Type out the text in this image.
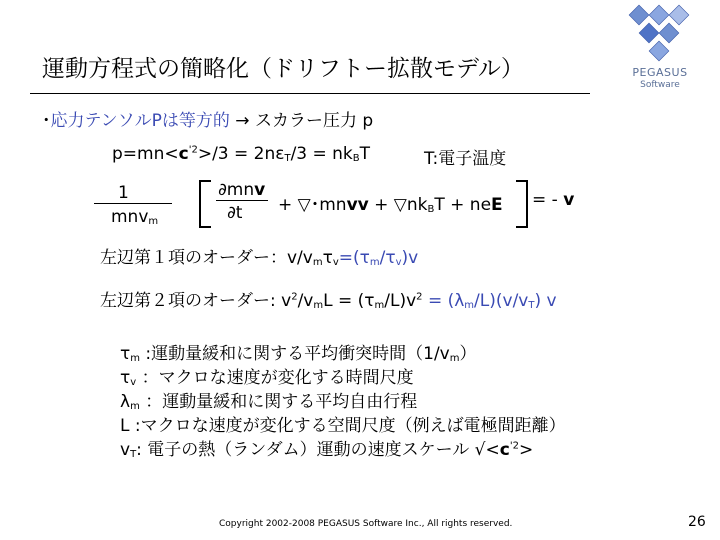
運動方程式の簡略化（ドリフトー拡散モデル）	PEGASUS
Software
･応力テンソルPは等方的 → スカラー圧力 p
$p=mn<c^{'2}>/3 = 2n\varepsilon_T/3 = nk_BT$	T:電子温度
1
mnv$_m$
∂mnv
∂t + ▽･mnvv + $▽nk_BT$ + neE = - v
左辺第１項のオーダー：$v/v_m\tau_v=(\tau_m/\tau_v)v$
左辺第２項のオーダー: $v^2/v_mL = (\tau_m/L)v^2 = (\lambda_m/L)(v/v_T)$ v
$\tau_m$ :運動量緩和に関する平均衝突時間$(1/v_m)$
$\tau_v$ ：マクロな速度が変化する時間尺度
$\lambda_m$ ：運動量緩和に関する平均自由行程
L :マクロな速度が変化する空間尺度（例えば電極間距離）
$v_T$: 電子の熱（ランダム）運動の速度スケール $√<c^{'2}>$
Copyright 2002-2008 PEGASUS Software Inc., All rights reserved.	26
